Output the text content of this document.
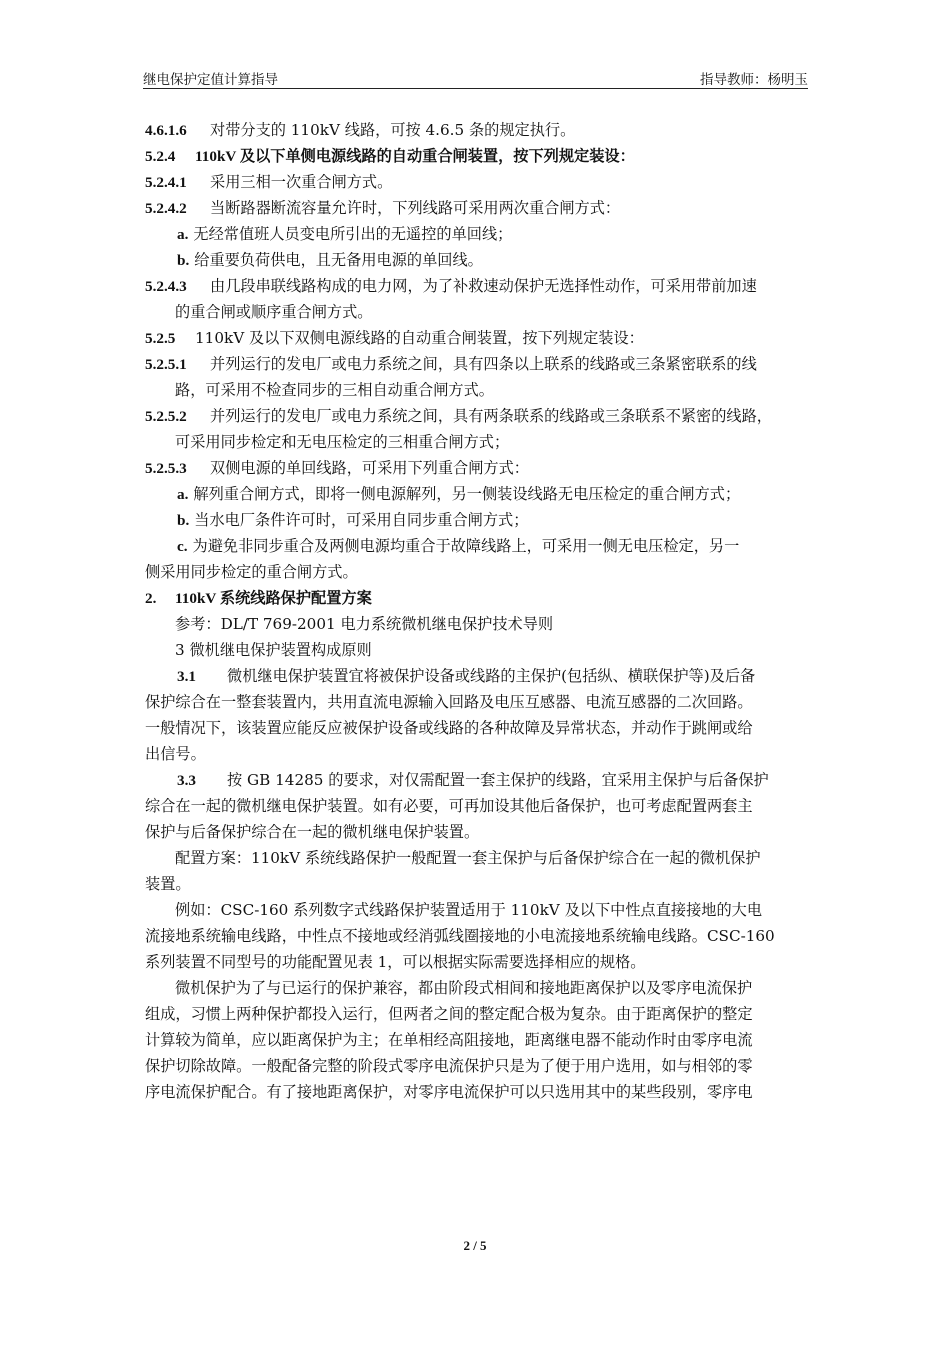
继电保护定值计算指导	指导教师：杨明玉
4.6.1.6 对带分支的 110kV 线路，可按 4.6.5 条的规定执行。
5.2.4 110kV 及以下单侧电源线路的自动重合闸装置，按下列规定装设：
5.2.4.1 采用三相一次重合闸方式。
5.2.4.2 当断路器断流容量允许时，下列线路可采用两次重合闸方式：
a. 无经常值班人员变电所引出的无遥控的单回线；
b. 给重要负荷供电，且无备用电源的单回线。
5.2.4.3 由几段串联线路构成的电力网，为了补救速动保护无选择性动作，可采用带前加速
的重合闸或顺序重合闸方式。
5.2.5 110kV 及以下双侧电源线路的自动重合闸装置，按下列规定装设：
5.2.5.1 并列运行的发电厂或电力系统之间，具有四条以上联系的线路或三条紧密联系的线
路，可采用不检查同步的三相自动重合闸方式。
5.2.5.2 并列运行的发电厂或电力系统之间，具有两条联系的线路或三条联系不紧密的线路，
可采用同步检定和无电压检定的三相重合闸方式；
5.2.5.3 双侧电源的单回线路，可采用下列重合闸方式：
a. 解列重合闸方式，即将一侧电源解列，另一侧装设线路无电压检定的重合闸方式；
b. 当水电厂条件许可时，可采用自同步重合闸方式；
c. 为避免非同步重合及两侧电源均重合于故障线路上，可采用一侧无电压检定，另一
侧采用同步检定的重合闸方式。
2. 110kV 系统线路保护配置方案
参考：DL/T 769-2001 电力系统微机继电保护技术导则
3 微机继电保护装置构成原则
3.1 微机继电保护装置宜将被保护设备或线路的主保护(包括纵、横联保护等)及后备
保护综合在一整套装置内，共用直流电源输入回路及电压互感器、电流互感器的二次回路。
一般情况下，该装置应能反应被保护设备或线路的各种故障及异常状态，并动作于跳闸或给
出信号。
3.3 按 GB 14285 的要求，对仅需配置一套主保护的线路，宜采用主保护与后备保护
综合在一起的微机继电保护装置。如有必要，可再加设其他后备保护，也可考虑配置两套主
保护与后备保护综合在一起的微机继电保护装置。
配置方案：110kV 系统线路保护一般配置一套主保护与后备保护综合在一起的微机保护
装置。
例如：CSC-160 系列数字式线路保护装置适用于 110kV 及以下中性点直接接地的大电
流接地系统输电线路，中性点不接地或经消弧线圈接地的小电流接地系统输电线路。CSC-160
系列装置不同型号的功能配置见表 1，可以根据实际需要选择相应的规格。
微机保护为了与已运行的保护兼容，都由阶段式相间和接地距离保护以及零序电流保护
组成，习惯上两种保护都投入运行，但两者之间的整定配合极为复杂。由于距离保护的整定
计算较为简单，应以距离保护为主；在单相经高阻接地，距离继电器不能动作时由零序电流
保护切除故障。一般配备完整的阶段式零序电流保护只是为了便于用户选用，如与相邻的零
序电流保护配合。有了接地距离保护，对零序电流保护可以只选用其中的某些段别，零序电
2 / 5
